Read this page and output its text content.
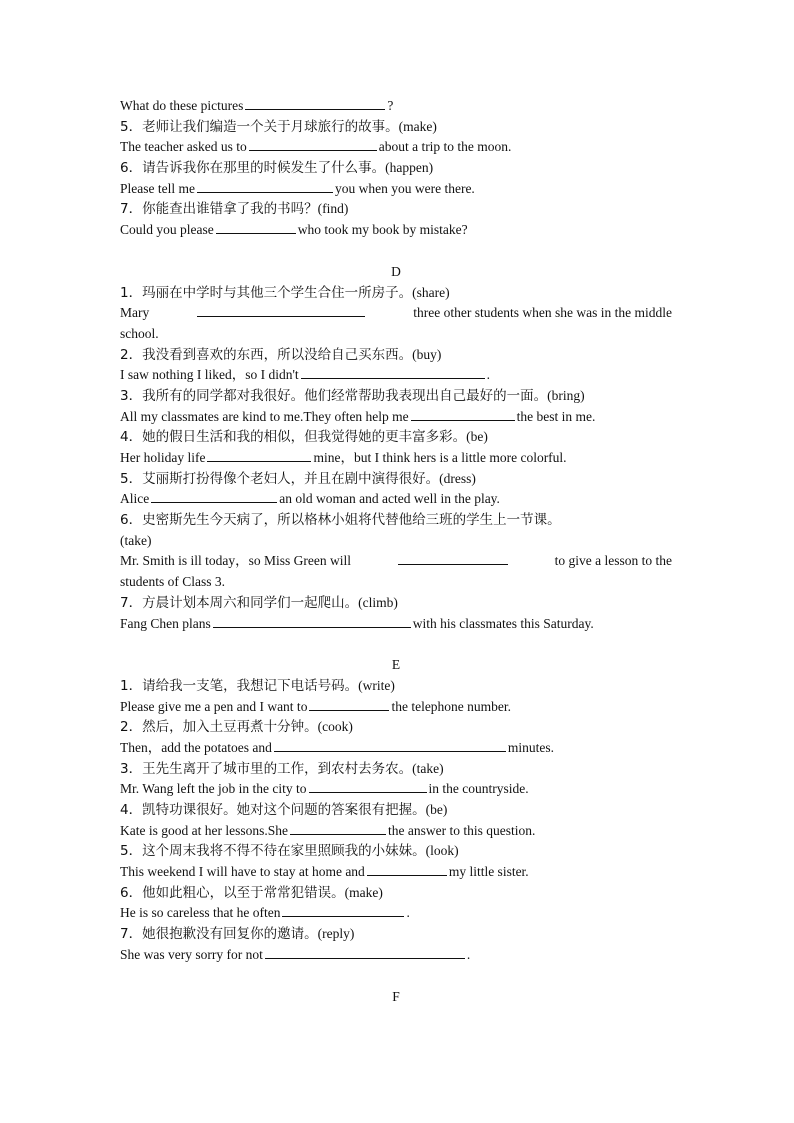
What do these pictures	?
5．老师让我们编造一个关于月球旅行的故事。(make)
The teacher asked us to	about a trip to the moon.
6．请告诉我你在那里的时候发生了什么事。(happen)
Please tell me	you when you were there.
7．你能查出谁错拿了我的书吗？(find)
Could you please	who took my book by mistake?
D
1．玛丽在中学时与其他三个学生合住一所房子。(share)
Mary	three other students when she was in the middle
school.
2．我没看到喜欢的东西，所以没给自己买东西。(buy)
I saw nothing I liked，so I didn't	.
3．我所有的同学都对我很好。他们经常帮助我表现出自己最好的一面。(bring)
All my classmates are kind to me.They often help me	the best in me.
4．她的假日生活和我的相似，但我觉得她的更丰富多彩。(be)
Her holiday life	mine，but I think hers is a little more colorful.
5．艾丽斯打扮得像个老妇人，并且在剧中演得很好。(dress)
Alice	an old woman and acted well in the play.
6．史密斯先生今天病了，所以格林小姐将代替他给三班的学生上一节课。
(take)
Mr. Smith is ill today，so Miss Green will	to give a lesson to the
students of Class 3.
7．方晨计划本周六和同学们一起爬山。(climb)
Fang Chen plans	with his classmates this Saturday.
E
1．请给我一支笔，我想记下电话号码。(write)
Please give me a pen and I want to	the telephone number.
2．然后，加入土豆再煮十分钟。(cook)
Then，add the potatoes and	minutes.
3．王先生离开了城市里的工作，到农村去务农。(take)
Mr. Wang left the job in the city to	in the countryside.
4．凯特功课很好。她对这个问题的答案很有把握。(be)
Kate is good at her lessons.She	the answer to this question.
5．这个周末我将不得不待在家里照顾我的小妹妹。(look)
This weekend I will have to stay at home and	my little sister.
6．他如此粗心，以至于常常犯错误。(make)
He is so careless that he often	.
7．她很抱歉没有回复你的邀请。(reply)
She was very sorry for not	.
F
